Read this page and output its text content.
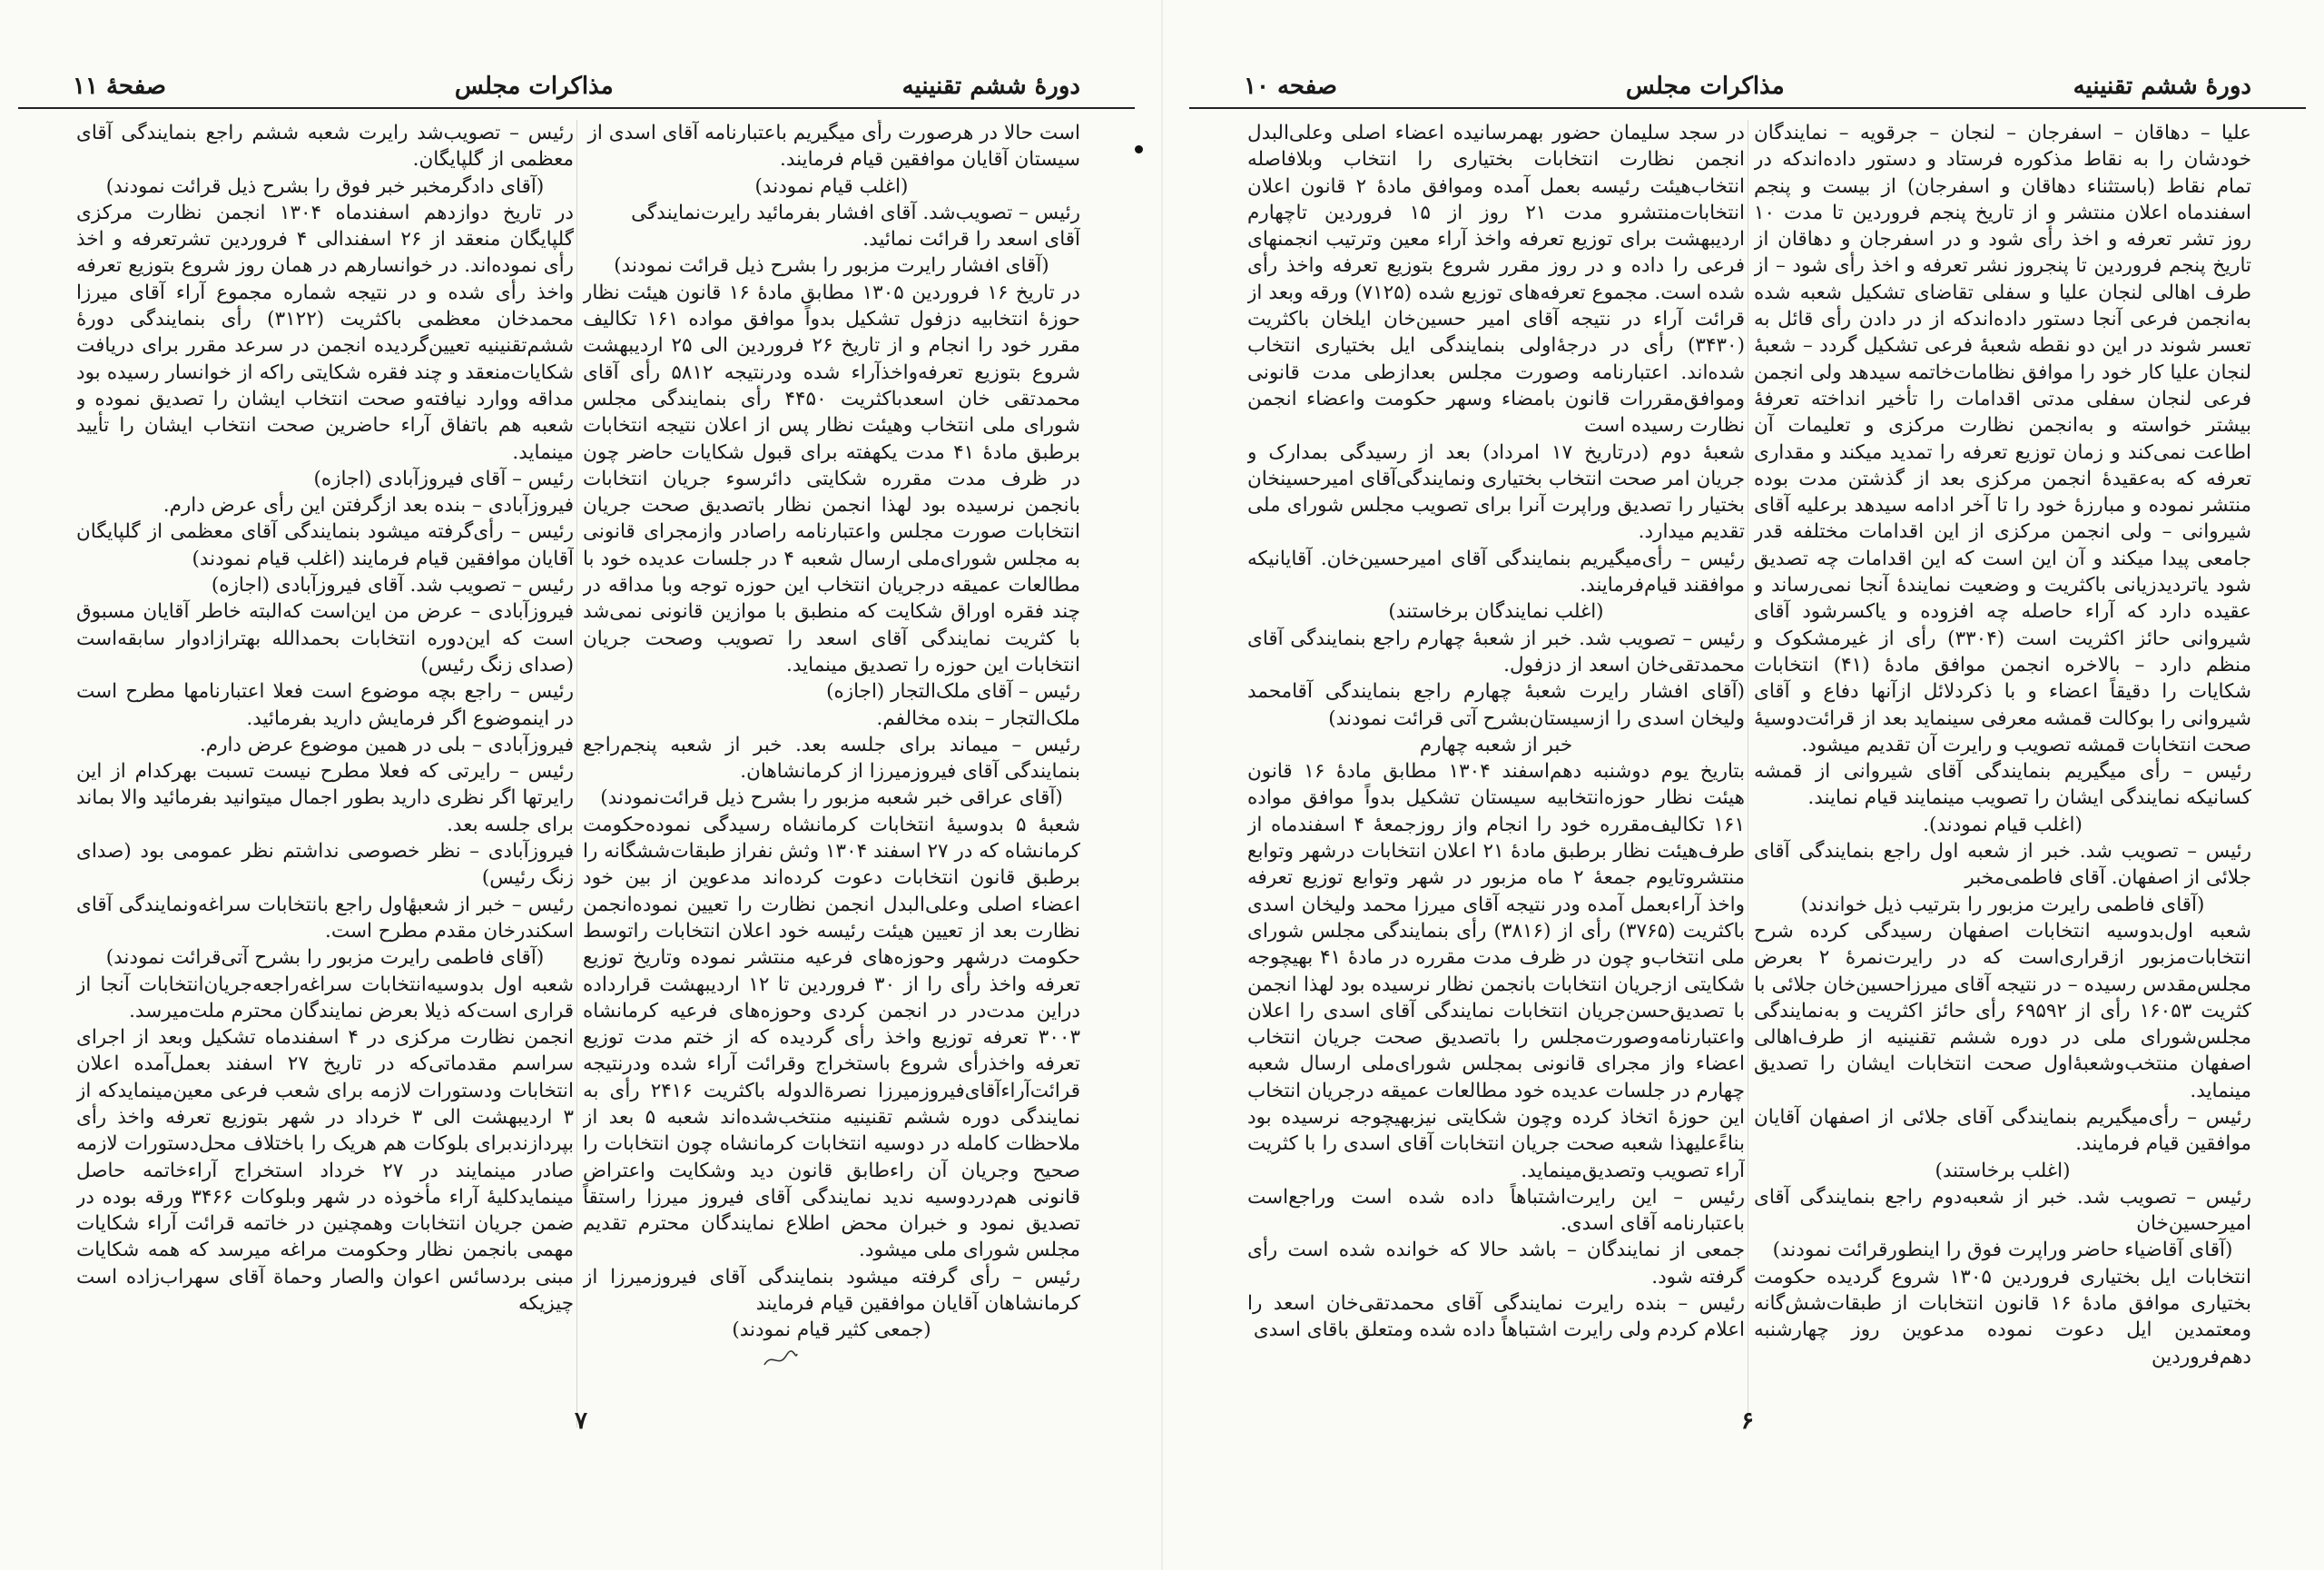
دورهٔ ششم تقنینیه
مذاکرات مجلس
صفحهٔ ۱۱

است حالا در هرصورت رأی میگیریم باعتبارنامه آقای اسدی از

سیستان آقایان موافقین قیام فرمایند.

(اغلب قیام نمودند)

رئیس – تصویب‌شد. آقای افشار بفرمائید رایرت‌نمایندگی

آقای اسعد را قرائت نمائید.

(آقای افشار رایرت مزبور را بشرح ذیل قرائت نمودند)

در تاریخ ۱۶ فروردین ۱۳۰۵ مطابق مادهٔ ۱۶ قانون هیئت نظار حوزهٔ انتخابیه دزفول تشکیل بدواً موافق مواده ۱۶۱ تکالیف مقرر خود را انجام و از تاریخ ۲۶ فروردین الی ۲۵ اردیبهشت شروع بتوزیع تعرفه‌واخذآراء شده ودرنتیجه ۵۸۱۲ رأی آقای محمدتقی خان اسعدباکثریت ۴۴۵۰ رأی بنمایندگی مجلس شورای ملی انتخاب وهیئت نظار پس از اعلان نتیجه انتخابات برطبق مادهٔ ۴۱ مدت یکهفته برای قبول شکایات حاضر چون در ظرف مدت مقرره شکایتی دائرسوء جریان انتخابات بانجمن نرسیده بود لهذا انجمن نظار باتصدیق صحت جریان انتخابات صورت مجلس واعتبارنامه راصادر وازمجرای قانونی به مجلس شورای‌ملی ارسال شعبه ۴ در جلسات عدیده خود با مطالعات عمیقه درجریان انتخاب این حوزه توجه وبا مداقه در چند فقره اوراق شکایت که منطبق با موازین قانونی نمی‌شد با کثریت نمایندگی آقای اسعد را تصویب وصحت جریان انتخابات این حوزه را تصدیق مینماید.

رئیس – آقای ملک‌التجار (اجازه)

ملک‌التجار – بنده مخالفم.

رئیس – میماند برای جلسه بعد. خبر از شعبه پنجم‌راجع بنمایندگی آقای فیروزمیرزا از کرمانشاهان.

(آقای عراقی خبر شعبه مزبور را بشرح ذیل قرائت‌نمودند)

شعبهٔ ۵ بدوسیهٔ انتخابات کرمانشاه رسیدگی نموده‌حکومت کرمانشاه که در ۲۷ اسفند ۱۳۰۴ وثش نفراز طبقات‌ششگانه را برطبق قانون انتخابات دعوت کرده‌اند مدعوین از بین خود اعضاء اصلی وعلی‌البدل انجمن نظارت را تعیین نموده‌انجمن نظارت بعد از تعیین هیئت رئیسه خود اعلان انتخابات راتوسط حکومت درشهر وحوزه‌های فرعیه منتشر نموده وتاریخ توزیع تعرفه واخذ رأی را از ۳۰ فروردین تا ۱۲ اردیبهشت قرارداده دراین مدت‌در در انجمن کردی وحوزه‌های فرعیه کرمانشاه ۳۰۰۳ تعرفه توزیع واخذ رأی گردیده که از ختم مدت توزیع تعرفه واخذرأی شروع باستخراج وقرائت آراء شده ودرنتیجه قرائت‌آراءآقای‌فیروزمیرزا نصرة‌الدوله باکثریت ۲۴۱۶ رأی به نمایندگی دوره ششم تقنینیه منتخب‌شده‌اند شعبه ۵ بعد از ملاحظات کامله در دوسیه انتخابات کرمانشاه چون انتخابات را صحیح وجریان آن راءطابق قانون دید وشکایت واعتراض قانونی هم‌دردوسیه ندید نمایندگی آقای فیروز میرزا راستقاً تصدیق نمود و خبران محض اطلاع نمایندگان محترم تقدیم مجلس شورای ملی میشود.

رئیس – رأی گرفته میشود بنمایندگی آقای فیروزمیرزا از کرمانشاهان آقایان موافقین قیام فرمایند

(جمعی کثیر قیام نمودند)

رئیس – تصویب‌شد رایرت شعبه ششم راجع بنمایندگی آقای معظمی از گلپایگان.

(آقای دادگرمخبر خبر فوق را بشرح ذیل قرائت نمودند)

در تاریخ دوازدهم اسفندماه ۱۳۰۴ انجمن نظارت مرکزی گلپایگان منعقد از ۲۶ اسفندالی ۴ فروردین تشرتعرفه و اخذ رأی نموده‌اند. در خوانسارهم در همان روز شروع بتوزیع تعرفه واخذ رأی شده و در نتیجه شماره مجموع آراء آقای میرزا محمدخان معظمی باکثریت (۳۱۲۲) رأی بنمایندگی دورهٔ ششم‌تقنینیه تعیین‌گردیده انجمن در سرعد مقرر برای دریافت شکایات‌منعقد و چند فقره شکایتی راکه از خوانسار رسیده بود مداقه ووارد نیافته‌و صحت انتخاب ایشان را تصدیق نموده و شعبه هم باتفاق آراء حاضرین صحت انتخاب ایشان را تأیید مینماید.

رئیس – آقای فیروزآبادی (اجازه)

فیروزآبادی – بنده بعد ازگرفتن این رأی عرض دارم.

رئیس – رأی‌گرفته میشود بنمایندگی آقای معظمی از گلپایگان آقایان موافقین قیام فرمایند (اغلب قیام نمودند)

رئیس – تصویب شد. آقای فیروزآبادی (اجازه)

فیروزآبادی – عرض من این‌است که‌البته خاطر آقایان مسبوق است که این‌دوره انتخابات بحمدالله بهترازادوار سابقه‌است (صدای زنگ رئیس)

رئیس – راجع بچه موضوع است فعلا اعتبارنامها مطرح است در اینموضوع اگر فرمایش دارید بفرمائید.

فیروزآبادی – بلی در همین موضوع عرض دارم.

رئیس – رایرتی که فعلا مطرح نیست تسبت بهرکدام از این رایرتها اگر نظری دارید بطور اجمال میتوانید بفرمائید والا بماند برای جلسه بعد.

فیروزآبادی – نظر خصوصی نداشتم نظر عمومی بود (صدای زنگ رئیس)

رئیس – خبر از شعبهٔاول راجع بانتخابات سراغه‌ونمایندگی آقای اسکندرخان مقدم مطرح است.

(آقای فاطمی رایرت مزبور را بشرح آتی‌قرائت نمودند)

شعبه اول بدوسیه‌انتخابات سراغه‌راجعه‌جریان‌انتخابات آنجا از قراری است‌که ذیلا بعرض نمایندگان محترم ملت‌میرسد.

انجمن نظارت مرکزی در ۴ اسفندماه تشکیل وبعد از اجرای سراسم مقدماتی‌که در تاریخ ۲۷ اسفند بعمل‌آمده اعلان انتخابات ودستورات لازمه برای شعب فرعی معین‌مینمایدکه از ۳ اردیبهشت الی ۳ خرداد در شهر بتوزیع تعرفه واخذ رأی بپردازندبرای بلوکات هم هریک را باختلاف محل‌دستورات لازمه صادر مینمایند در ۲۷ خرداد استخراج آراءخاتمه حاصل مینمایدکلیهٔ آراء مأخوذه در شهر وبلوکات ۳۴۶۶ ورقه بوده در ضمن جریان انتخابات وهمچنین در خاتمه قرائت آراء شکایات مهمی بانجمن نظار وحکومت مراغه میرسد که همه شکایات مبنی بردسائس اعوان والصار وحماة آقای سهراب‌زاده است چیزیکه

۷
دورهٔ ششم تقنینیه
مذاکرات مجلس
صفحه ۱۰

علیا – دهاقان – اسفرجان – لنجان – جرقویه – نمایندگان خودشان را به نقاط مذکوره فرستاد و دستور داده‌اندکه در تمام نقاط (باستثناء دهاقان و اسفرجان) از بیست و پنجم اسفندماه اعلان منتشر و از تاریخ پنجم فروردین تا مدت ۱۰ روز تشر تعرفه و اخذ رأی شود و در اسفرجان و دهاقان از تاریخ پنجم فروردین تا پنجروز نشر تعرفه و اخذ رأی شود – از طرف اهالی لنجان علیا و سفلی تقاضای تشکیل شعبه شده به‌انجمن فرعی آنجا دستور داده‌اندکه از در دادن رأی قائل به تعسر شوند در این دو نقطه شعبهٔ فرعی تشکیل گردد – شعبهٔ لنجان علیا کار خود را موافق نظامات‌خاتمه سیدهد ولی انجمن فرعی لنجان سفلی مدتی اقدامات را تأخیر انداخته تعرفهٔ بیشتر خواسته و به‌انجمن نظارت مرکزی و تعلیمات آن اطاعت نمی‌کند و زمان توزیع تعرفه را تمدید میکند و مقداری تعرفه که به‌عقیدهٔ انجمن مرکزی بعد از گذشتن مدت بوده منتشر نموده و مبارزهٔ خود را تا آخر ادامه سیدهد برعلیه آقای شیروانی – ولی انجمن مرکزی از این اقدامات مختلفه قدر جامعی پیدا میکند و آن این است که این اقدامات چه تصدیق شود یاتردیدزیانی باکثریت و وضعیت نمایندهٔ آنجا نمی‌رساند و عقیده دارد که آراء حاصله چه افزوده و یاکسرشود آقای شیروانی حائز اکثریت است (۳۳۰۴) رأی از غیرمشکوک و منظم دارد – بالاخره انجمن موافق مادهٔ (۴۱) انتخابات شکایات را دقیقاً اعضاء و با ذکردلائل ازآنها دفاع و آقای شیروانی را بوکالت قمشه معرفی سینماید بعد از قرائت‌دوسیهٔ صحت انتخابات قمشه تصویب و رایرت آن تقدیم میشود.

رئیس – رأی میگیریم بنمایندگی آقای شیروانی از قمشه کسانیکه نمایندگی ایشان را تصویب مینمایند قیام نمایند.

(اغلب قیام نمودند).

رئیس – تصویب شد. خبر از شعبه اول راجع بنمایندگی آقای جلائی از اصفهان. آقای فاطمی‌مخبر

(آقای فاطمی رایرت مزبور را بترتیب ذیل خواندند)

شعبه اول‌بدوسیه انتخابات اصفهان رسیدگی کرده شرح انتخابات‌مزبور ازقراری‌است که در رایرت‌نمرهٔ ۲ بعرض مجلس‌مقدس رسیده – در نتیجه آقای میرزاحسین‌خان جلائی با کثریت ۱۶۰۵۳ رأی از ۶۹۵۹۲ رأی حائز اکثریت و به‌نمایندگی مجلس‌شورای ملی در دوره ششم تقنینیه از طرف‌اهالی اصفهان منتخب‌وشعبهٔ‌اول صحت انتخابات ایشان را تصدیق مینماید.

رئیس – رأی‌میگیریم بنمایندگی آقای جلائی از اصفهان آقایان موافقین قیام فرمایند.

(اغلب برخاستند)

رئیس – تصویب شد. خبر از شعبه‌دوم راجع بنمایندگی آقای امیرحسین‌خان

(آقای آقاضیاء حاضر وراپرت فوق را اینطورقرائت نمودند)

انتخابات ایل بختیاری فروردین ۱۳۰۵ شروع گردیده حکومت بختیاری موافق مادهٔ ۱۶ قانون انتخابات از طبقات‌شش‌گانه ومعتمدین ایل دعوت نموده مدعوین روز چهارشنبه دهم‌فروردین

در سجد سلیمان حضور بهمرسانیده اعضاء اصلی وعلی‌البدل انجمن نظارت انتخابات بختیاری را انتخاب وبلافاصله انتخاب‌هیئت رئیسه بعمل آمده وموافق مادهٔ ۲ قانون اعلان انتخابات‌منتشرو مدت ۲۱ روز از ۱۵ فروردین تاچهارم اردیبهشت برای توزیع تعرفه واخذ آراء معین وترتیب انجمنهای فرعی را داده و در روز مقرر شروع بتوزیع تعرفه واخذ رأی شده است. مجموع تعرفه‌های توزیع شده (۷۱۲۵) ورقه وبعد از قرائت آراء در نتیجه آقای امیر حسین‌خان ایلخان باکثریت (۳۴۳۰) رأی در درجهٔ‌اولی بنمایندگی ایل بختیاری انتخاب شده‌اند. اعتبارنامه وصورت مجلس بعدازطی مدت قانونی وموافق‌مقررات قانون بامضاء وسهر حکومت واعضاء انجمن نظارت رسیده است

شعبهٔ دوم (درتاریخ ۱۷ امرداد) بعد از رسیدگی بمدارک و جریان امر صحت انتخاب بختیاری ونمایندگی‌آقای امیرحسینخان بختیار را تصدیق وراپرت آنرا برای تصویب مجلس شورای ملی تقدیم میدارد.

رئیس – رأی‌میگیریم بنمایندگی آقای امیرحسین‌خان. آقایانیکه موافقند قیام‌فرمایند.

(اغلب نمایندگان برخاستند)

رئیس – تصویب شد. خبر از شعبهٔ چهارم راجع بنمایندگی آقای محمدتقی‌خان اسعد از دزفول.

(آقای افشار رایرت شعبهٔ چهارم راجع بنمایندگی آقامحمد ولیخان اسدی را ازسیستان‌بشرح آتی قرائت نمودند)

خبر از شعبه چهارم

بتاریخ یوم دوشنبه دهم‌اسفند ۱۳۰۴ مطابق مادهٔ ۱۶ قانون هیئت نظار حوزه‌انتخابیه سیستان تشکیل بدواً موافق مواده ۱۶۱ تکالیف‌مقرره خود را انجام واز روزجمعهٔ ۴ اسفندماه از طرف‌هیئت نظار برطبق مادهٔ ۲۱ اعلان انتخابات درشهر وتوابع منتشروتایوم جمعهٔ ۲ ماه مزبور در شهر وتوابع توزیع تعرفه واخذ آراءبعمل آمده ودر نتیجه آقای میرزا محمد ولیخان اسدی باکثریت (۳۷۶۵) رأی از (۳۸۱۶) رأی بنمایندگی مجلس شورای ملی انتخاب‌و چون در ظرف مدت مقرره در مادهٔ ۴۱ بهیچوجه شکایتی ازجریان انتخابات بانجمن نظار نرسیده بود لهذا انجمن با تصدیق‌حسن‌جریان انتخابات نمایندگی آقای اسدی را اعلان واعتبارنامه‌وصورت‌مجلس را باتصدیق صحت جریان انتخاب اعضاء واز مجرای قانونی بمجلس شورای‌ملی ارسال شعبه چهارم در جلسات عدیده خود مطالعات عمیقه درجریان انتخاب این حوزهٔ اتخاذ کرده وچون شکایتی نیزبهیچوجه نرسیده بود بناءً‌علیهذا شعبه صحت جریان انتخابات آقای اسدی را با کثریت آراء تصویب وتصدیق‌مینماید.

رئیس – این رایرت‌اشتباهاً داده شده است وراجع‌است باعتبارنامه آقای اسدی.

جمعی از نمایندگان – باشد حالا که خوانده شده است رأی گرفته شود.

رئیس – بنده رایرت نمایندگی آقای محمدتقی‌خان اسعد را اعلام کردم ولی رایرت اشتباهاً داده شده ومتعلق باقای اسدی

۶
